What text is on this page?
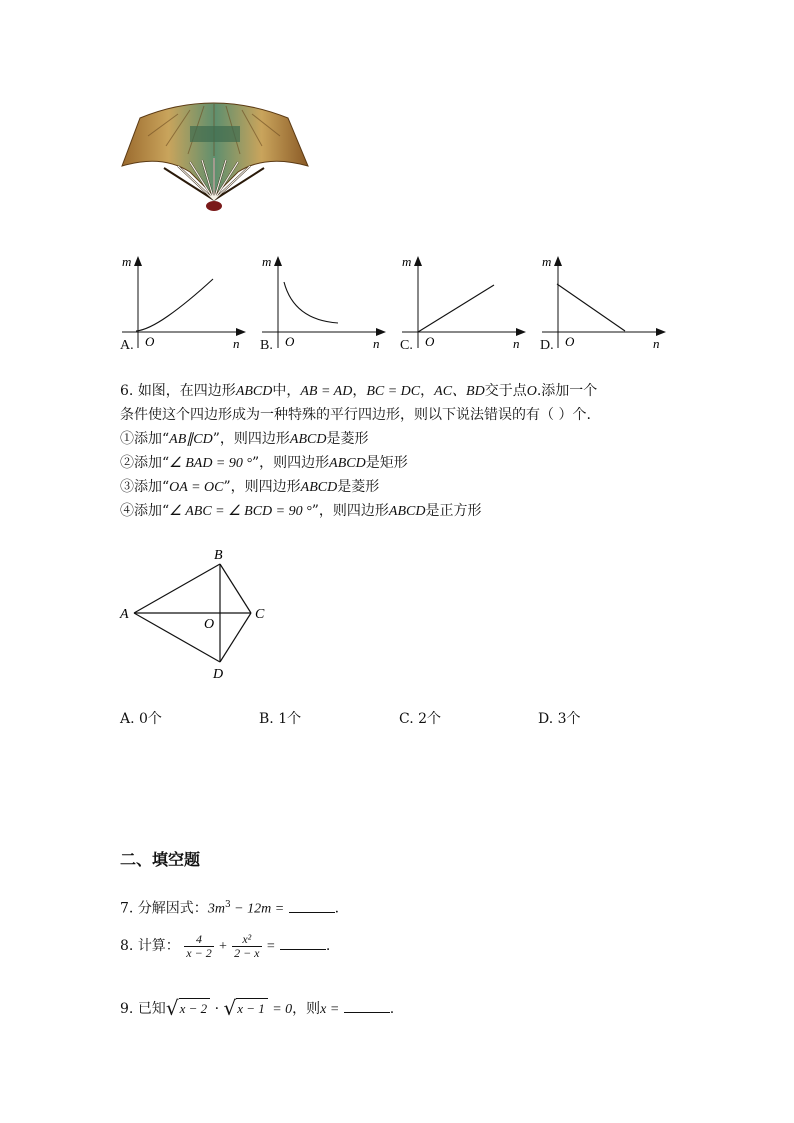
m
n
O
A.
m
n
O
B.
m
n
O
C.
m
n
O
D.
6. 如图，在四边形ABCD中，AB = AD，BC = DC，AC、BD交于点O.添加一个
条件使这个四边形成为一种特殊的平行四边形，则以下说法错误的有（ ）个.
①添加“AB∥CD”，则四边形ABCD是菱形
②添加“∠ BAD = 90 °”，则四边形ABCD是矩形
③添加“OA = OC”，则四边形ABCD是菱形
④添加“∠ ABC = ∠ BCD = 90 °”，则四边形ABCD是正方形
A
B
C
D
O
A. 0个	B. 1个	C. 2个	D. 3个
二、填空题
7. 分解因式：$3m^3 - 12m$ =	.
8. 计算： $\frac{4}{x - 2} + \frac{\text{x²}}{2 - x}$ =	.
9. 已知√x − 2 · √x − 1 = 0，则x =	.
